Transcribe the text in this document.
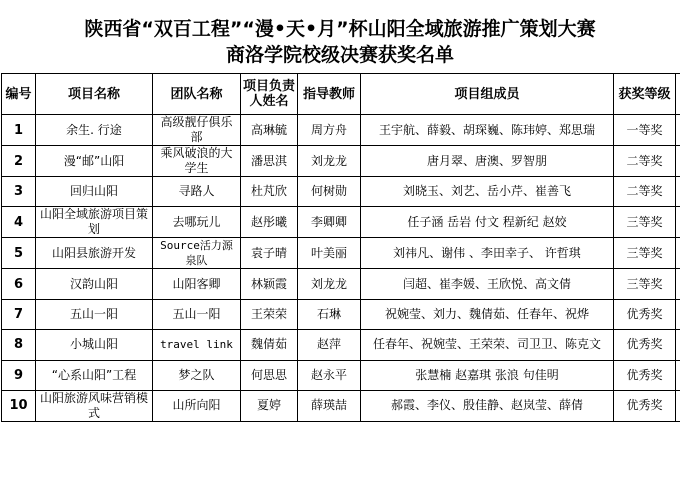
陕西省“双百工程”“漫•天•月”杯山阳全域旅游推广策划大赛
商洛学院校级决赛获奖名单
编号	项目名称	团队名称	项目负责人姓名	指导教师	项目组成员	获奖等级	
1	余生. 行途	高级靓仔俱乐部	高琳毓	周方舟	王宇航、薛毅、胡琛巍、陈玮婷、郑思瑞	一等奖	
2	漫“邮”山阳	乘风破浪的大学生	潘思淇	刘龙龙	唐月翠、唐澳、罗智朋	二等奖	
3	回归山阳	寻路人	杜芃欣	何树勋	刘晓玉、刘艺、岳小芹、崔善飞	二等奖	
4	山阳全域旅游项目策划	去哪玩儿	赵彤曦	李卿卿	任子涵 岳岩 付文 程新纪 赵姣	三等奖	
5	山阳县旅游开发	Source活力源泉队	袁子晴	叶美丽	刘祎凡、谢伟 、李田幸子、 许哲琪	三等奖	
6	汉韵山阳	山阳客卿	林颖霞	刘龙龙	闫超、崔李媛、王欣悦、高文倩	三等奖	
7	五山一阳	五山一阳	王荣荣	石琳	祝婉莹、刘力、魏倩茹、任春年、祝烨	优秀奖	
8	小城山阳	travel link	魏倩茹	赵萍	任春年、祝婉莹、王荣荣、司卫卫、陈克文	优秀奖	
9	“心系山阳”工程	梦之队	何思思	赵永平	张慧楠 赵嘉琪 张浪 句佳明	优秀奖	
10	山阳旅游风味营销模式	山所向阳	夏婷	薛瑛喆	郝霞、李仪、殷佳静、赵岚莹、薛倩	优秀奖	
